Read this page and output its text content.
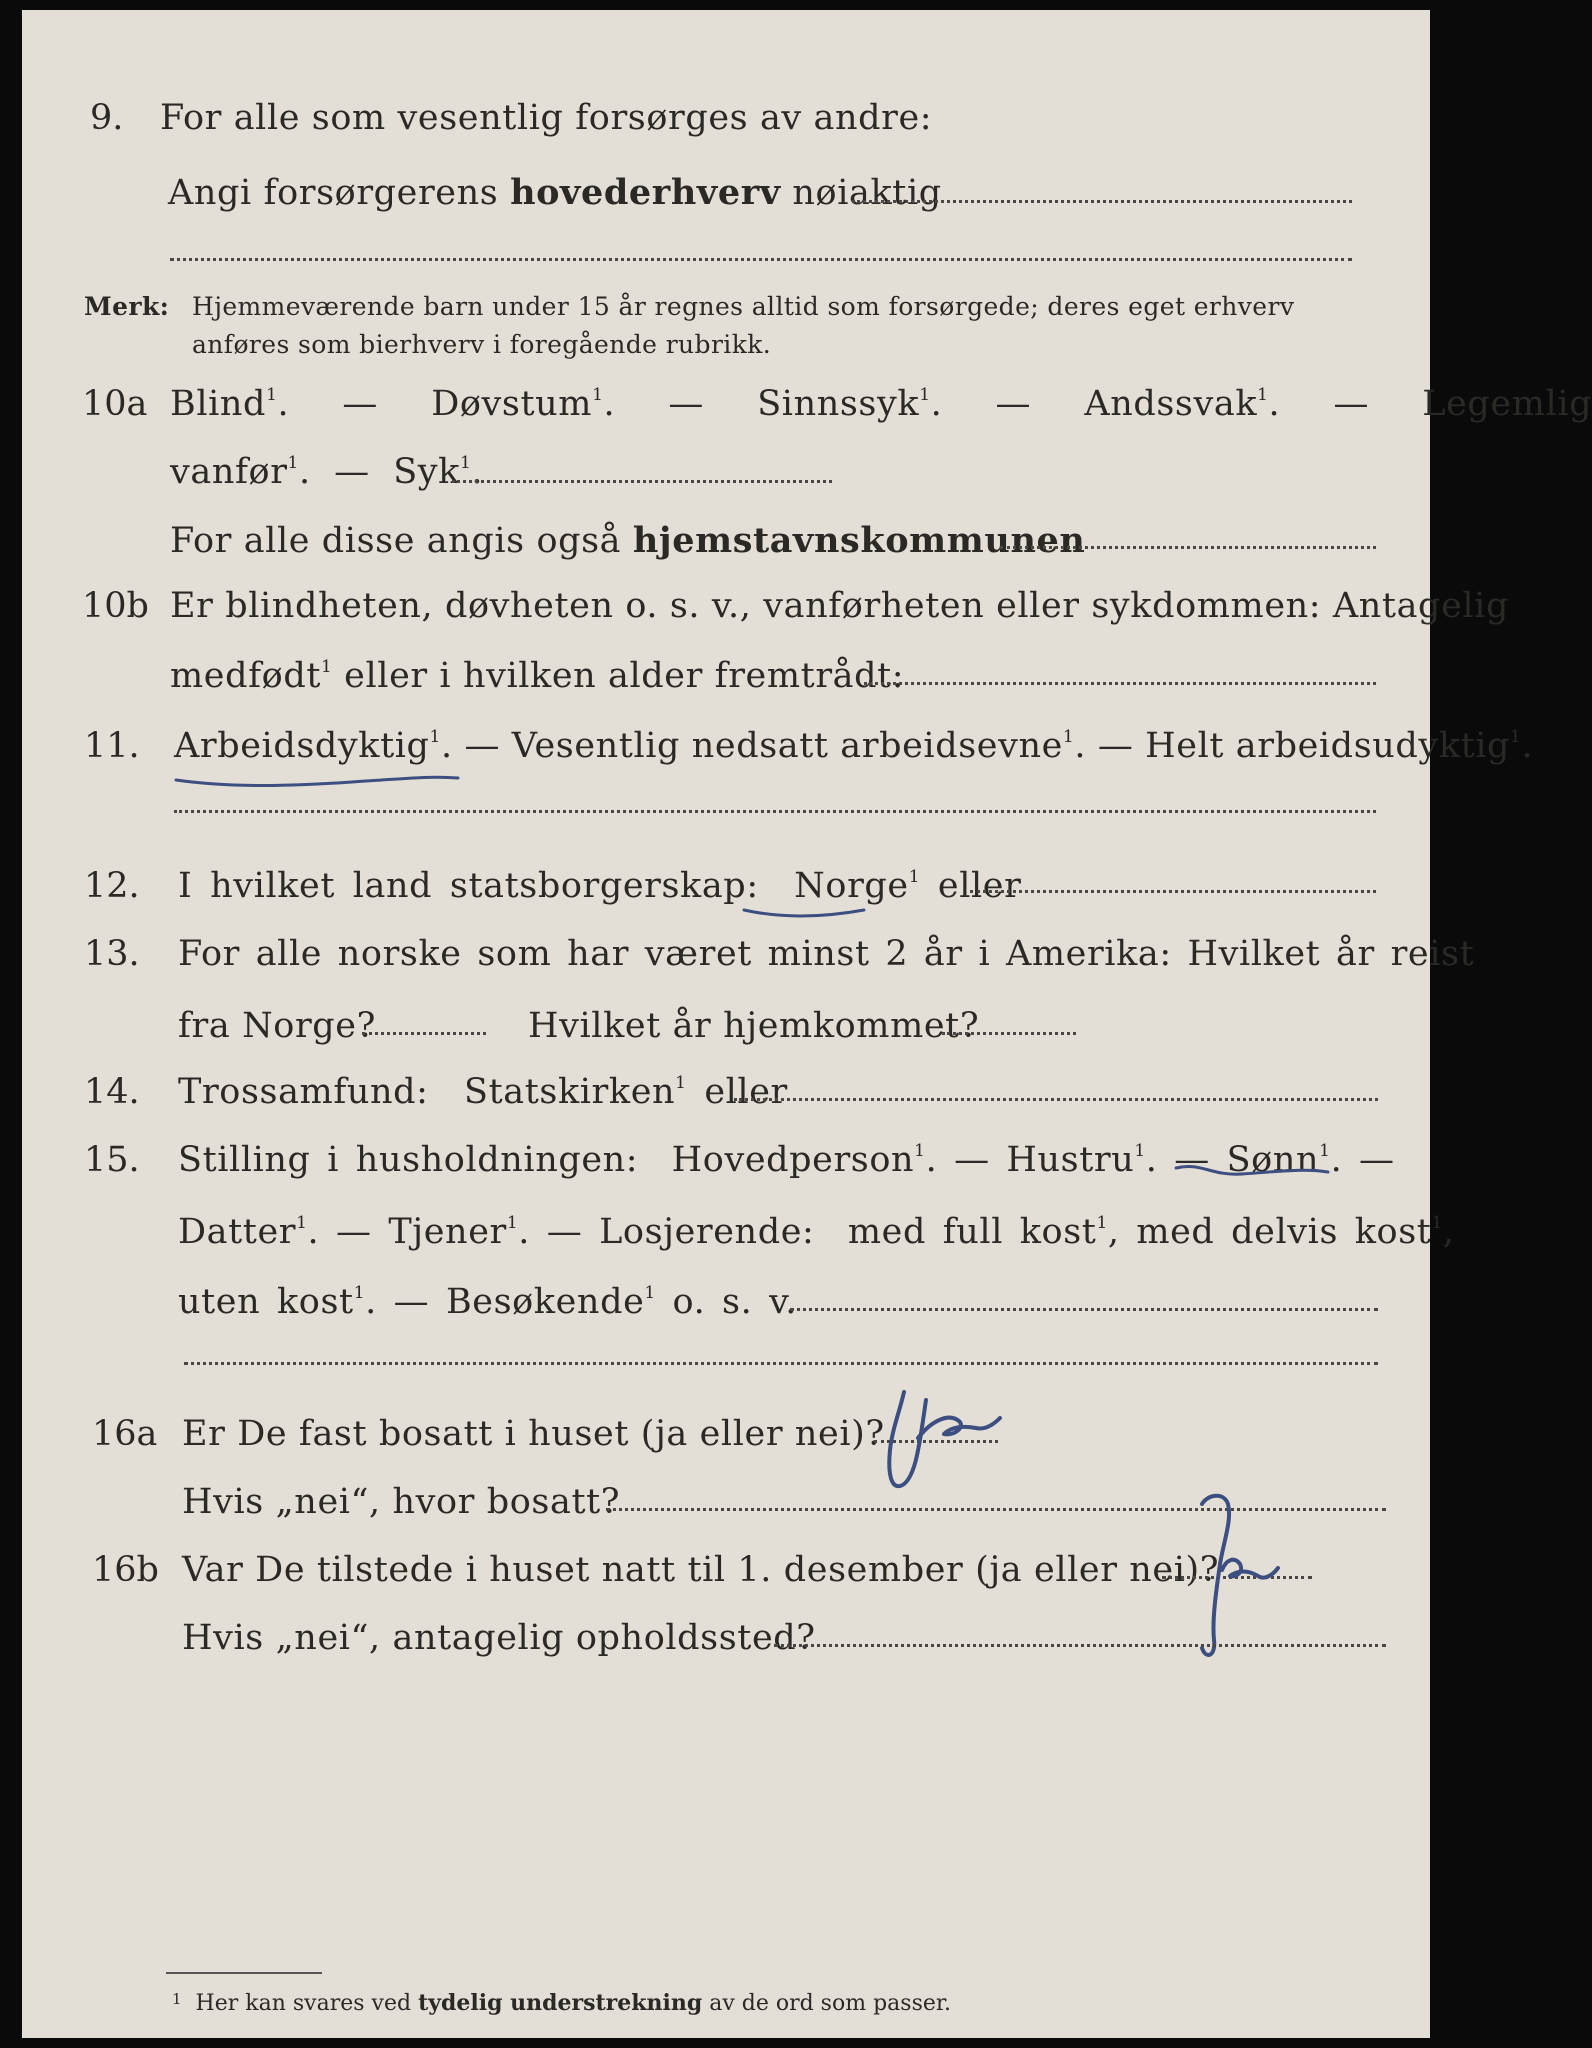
9. For alle som vesentlig forsørges av andre:
Angi forsørgerens hovederhverv nøiaktig
Merk: Hjemmeværende barn under 15 år regnes alltid som forsørgede; deres eget erhverv
anføres som bierhverv i foregående rubrikk.
10a Blind$^1$. — Døvstum$^1$. — Sinnssyk$^1$. — Andssvak$^1$. — Legemlig
vanfør$^1$. — Syk$^1$.
For alle disse angis også hjemstavnskommunen
10b Er blindheten, døvheten o. s. v., vanførheten eller sykdommen: Antagelig
medfødt$^1$ eller i hvilken alder fremtrådt:
11. Arbeidsdyktig$^1$. — Vesentlig nedsatt arbeidsevne$^1$. — Helt arbeidsudyktig$^1$.
12. I hvilket land statsborgerskap: Norge$^1$ eller
13. For alle norske som har været minst 2 år i Amerika: Hvilket år reist
fra Norge?	Hvilket år hjemkommet?
14. Trossamfund: Statskirken$^1$ eller
15. Stilling i husholdningen: Hovedperson$^1$. — Hustru$^1$. — Sønn$^1$. —
Datter$^1$. — Tjener$^1$. — Losjerende: med full kost$^1$, med delvis kost$^1$,
uten kost$^1$. — Besøkende$^1$ o. s. v.
16a Er De fast bosatt i huset (ja eller nei)?
Hvis „nei“, hvor bosatt?
16b Var De tilstede i huset natt til 1. desember (ja eller nei)?
Hvis „nei“, antagelig opholdssted?
$^1$ Her kan svares ved tydelig understrekning av de ord som passer.
